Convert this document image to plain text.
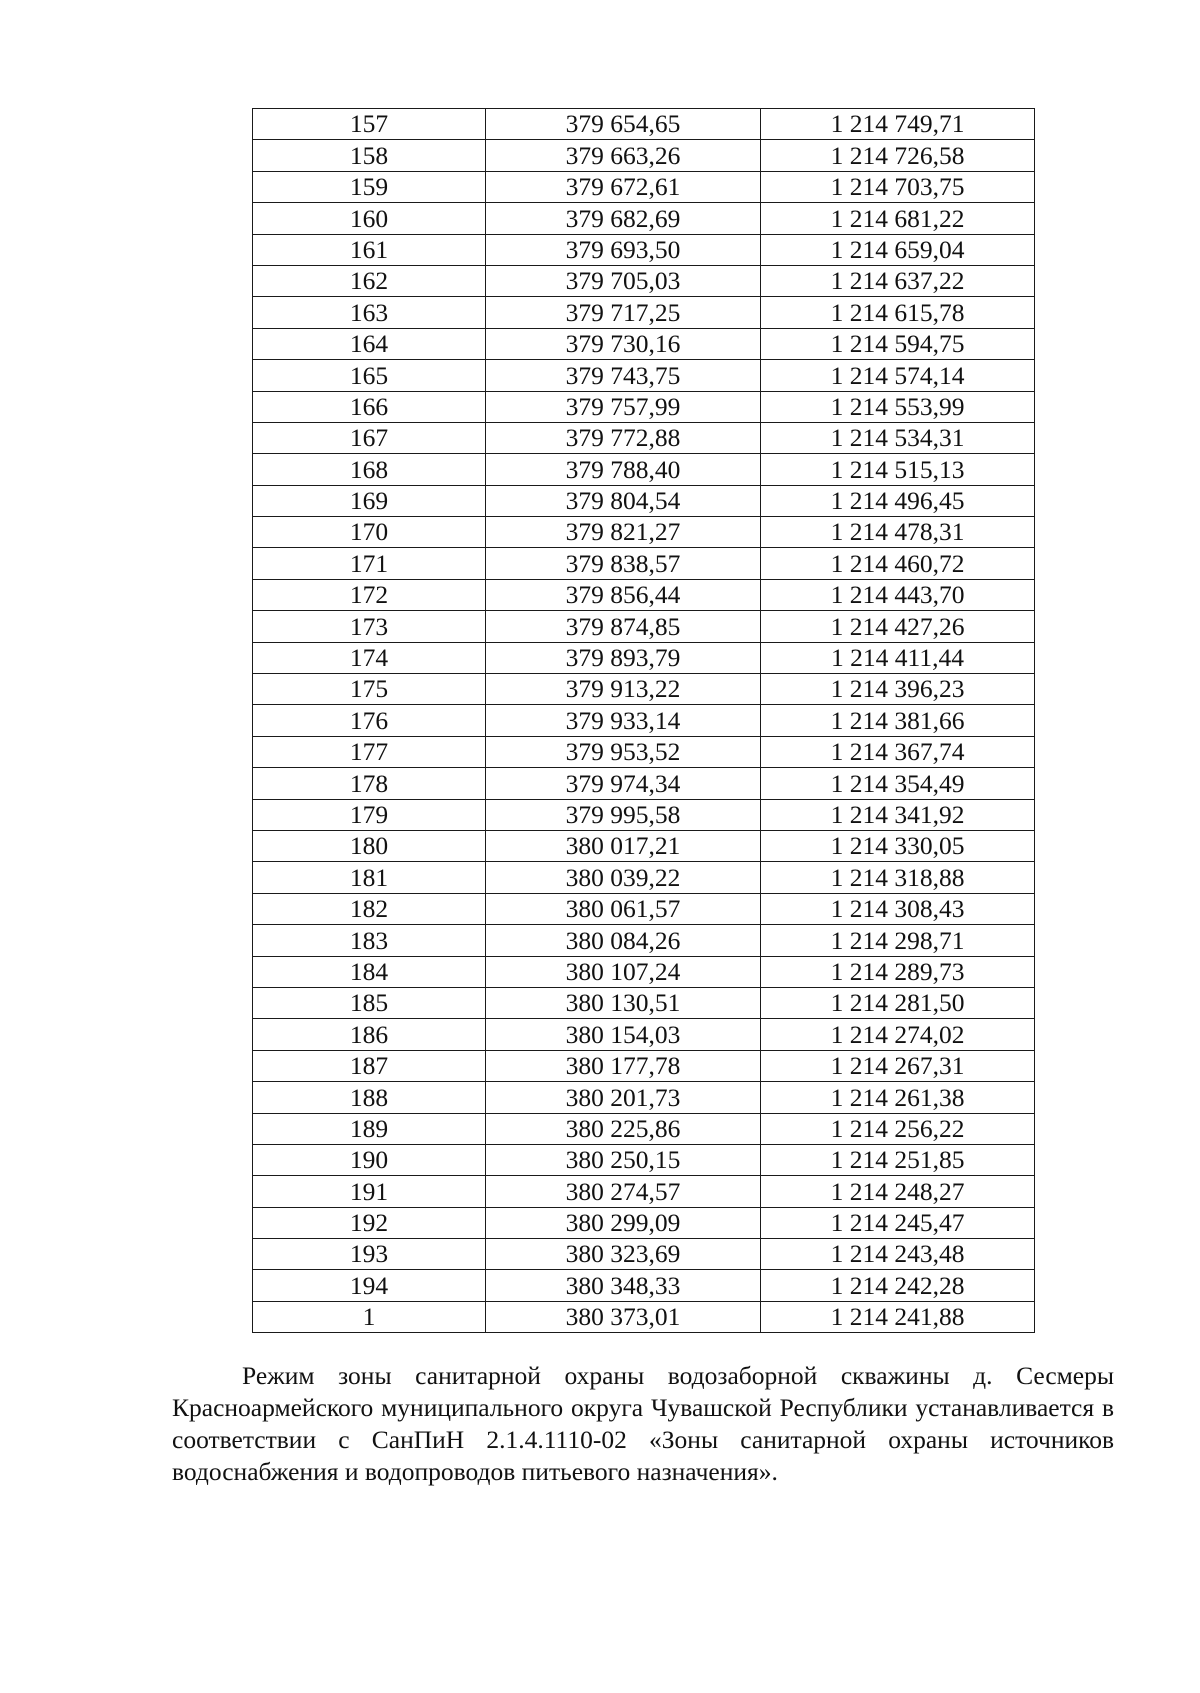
157	379 654,65	1 214 749,71
158	379 663,26	1 214 726,58
159	379 672,61	1 214 703,75
160	379 682,69	1 214 681,22
161	379 693,50	1 214 659,04
162	379 705,03	1 214 637,22
163	379 717,25	1 214 615,78
164	379 730,16	1 214 594,75
165	379 743,75	1 214 574,14
166	379 757,99	1 214 553,99
167	379 772,88	1 214 534,31
168	379 788,40	1 214 515,13
169	379 804,54	1 214 496,45
170	379 821,27	1 214 478,31
171	379 838,57	1 214 460,72
172	379 856,44	1 214 443,70
173	379 874,85	1 214 427,26
174	379 893,79	1 214 411,44
175	379 913,22	1 214 396,23
176	379 933,14	1 214 381,66
177	379 953,52	1 214 367,74
178	379 974,34	1 214 354,49
179	379 995,58	1 214 341,92
180	380 017,21	1 214 330,05
181	380 039,22	1 214 318,88
182	380 061,57	1 214 308,43
183	380 084,26	1 214 298,71
184	380 107,24	1 214 289,73
185	380 130,51	1 214 281,50
186	380 154,03	1 214 274,02
187	380 177,78	1 214 267,31
188	380 201,73	1 214 261,38
189	380 225,86	1 214 256,22
190	380 250,15	1 214 251,85
191	380 274,57	1 214 248,27
192	380 299,09	1 214 245,47
193	380 323,69	1 214 243,48
194	380 348,33	1 214 242,28
1	380 373,01	1 214 241,88

Режим зоны санитарной охраны водозаборной скважины д. Сесмеры Красноармейского муниципального округа Чувашской Республики устанавливается в соответствии с СанПиН 2.1.4.1110-02 «Зоны санитарной охраны источников водоснабжения и водопроводов питьевого назначения».
